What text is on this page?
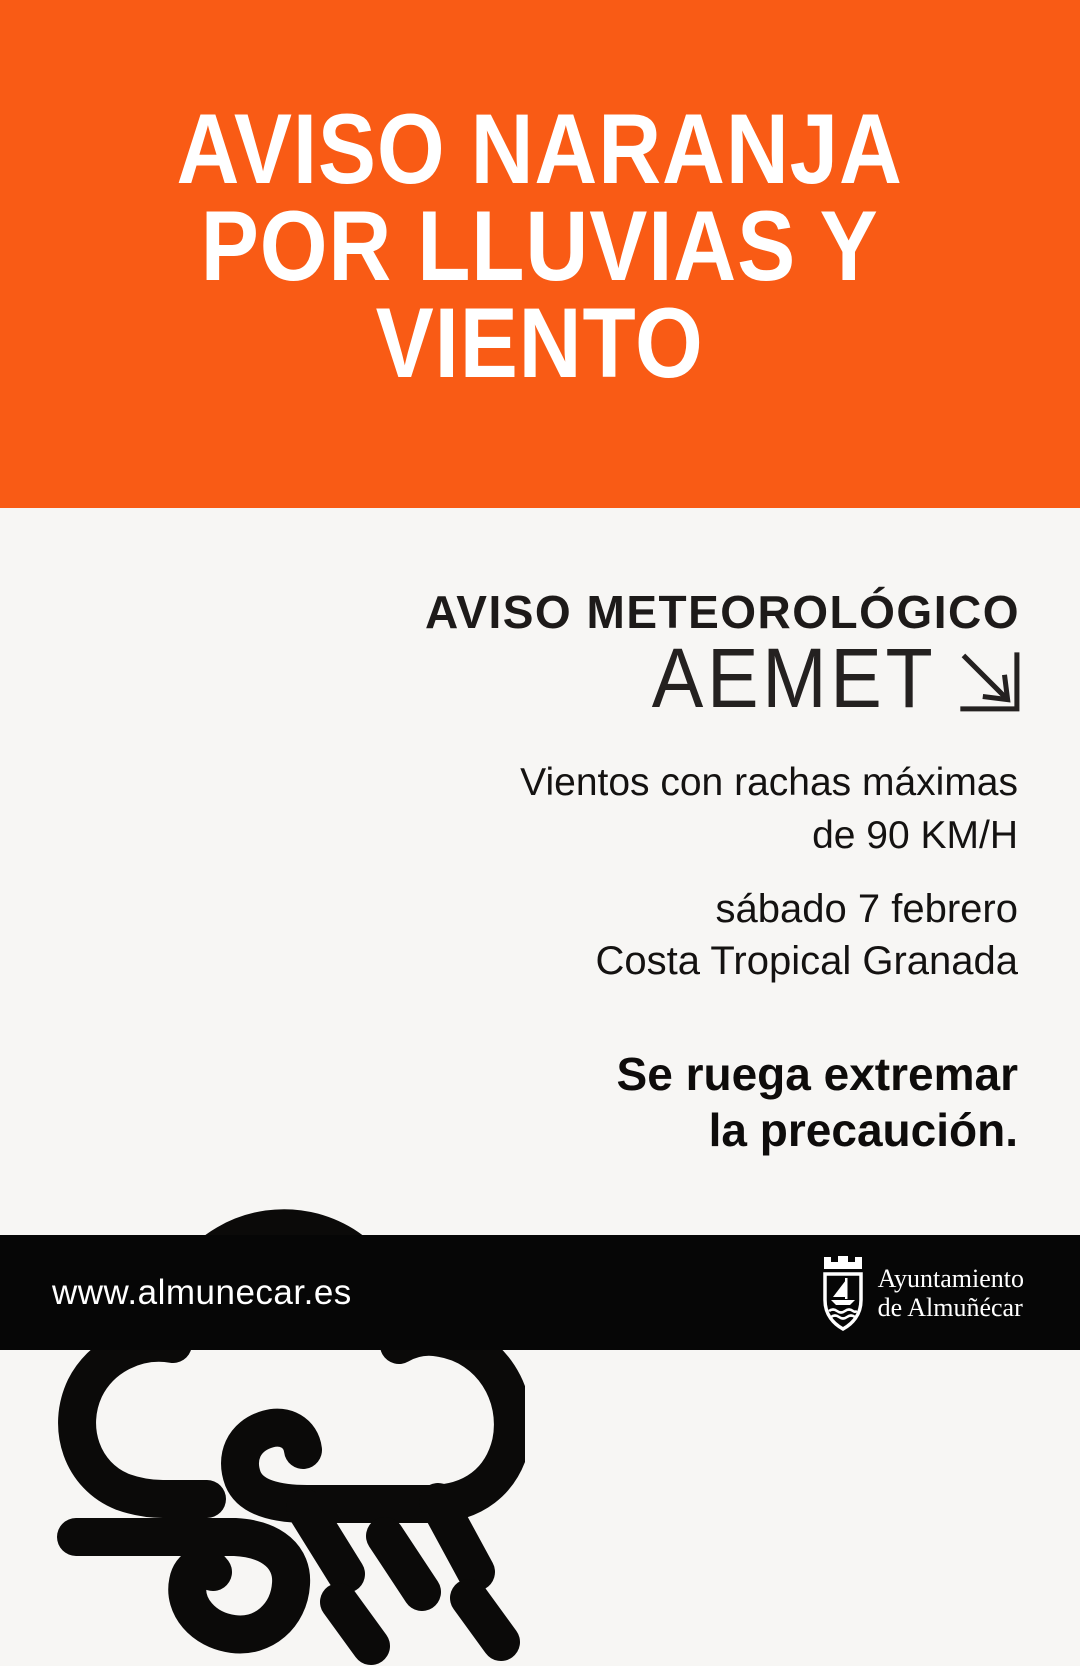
AVISO NARANJA
POR LLUVIAS Y
VIENTO
AVISO METEOROLÓGICO
AEMET
Vientos con rachas máximas
de 90 KM/H
sábado 7 febrero
Costa Tropical Granada
Se ruega extremar
la precaución.
www.almunecar.es	Ayuntamiento
de Almuñécar
